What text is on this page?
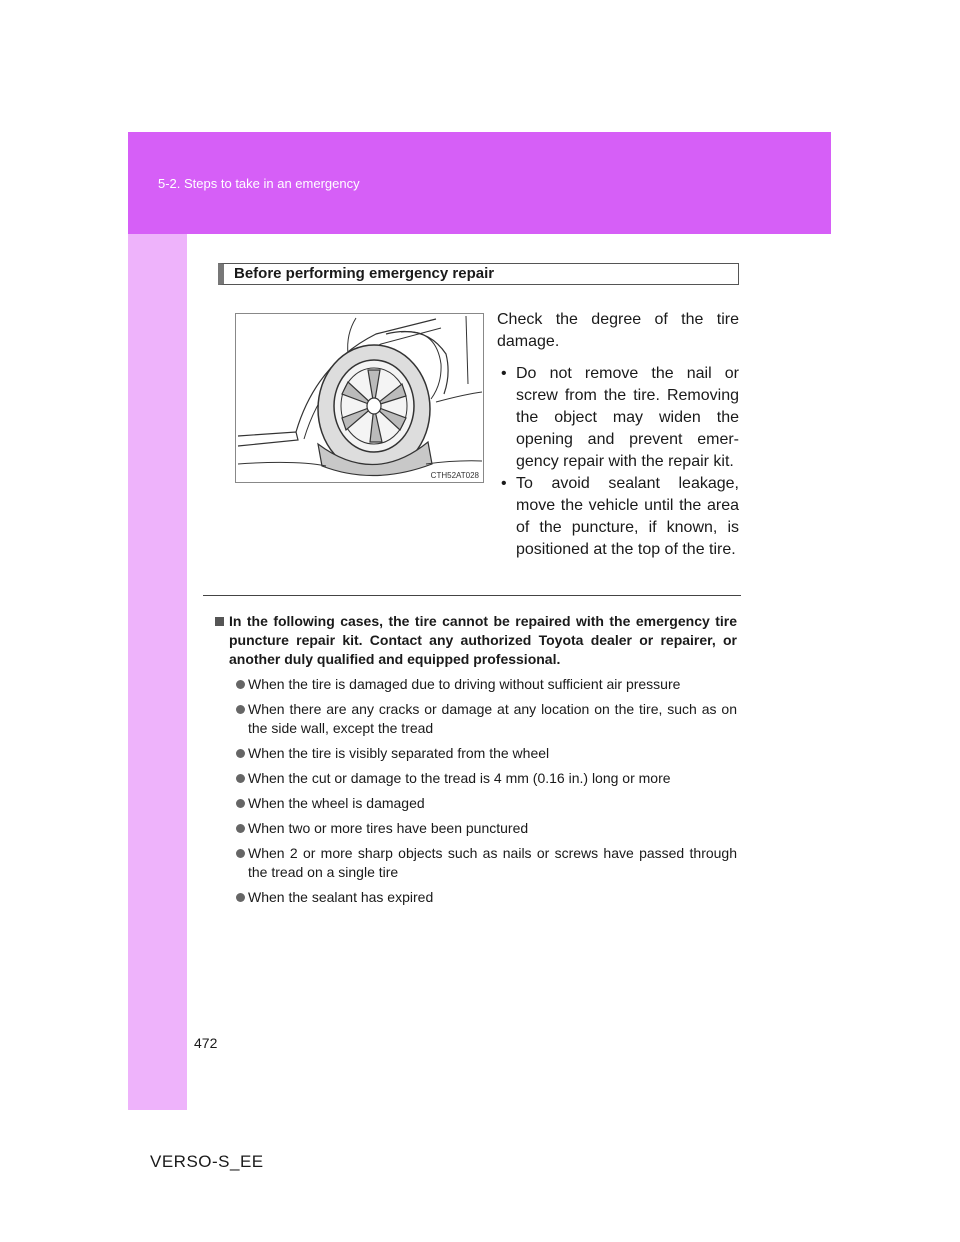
5-2. Steps to take in an emergency
Before performing emergency repair
CTH52AT028

Check the degree of the tire damage.

• Do not remove the nail or screw from the tire. Removing the object may widen the opening and prevent emer-gency repair with the repair kit.
• To avoid sealant leakage, move the vehicle until the area of the puncture, if known, is positioned at the top of the tire.
In the following cases, the tire cannot be repaired with the emergency tire puncture repair kit. Contact any authorized Toyota dealer or repairer, or another duly qualified and equipped professional.
When the tire is damaged due to driving without sufficient air pressure
When there are any cracks or damage at any location on the tire, such as on the side wall, except the tread
When the tire is visibly separated from the wheel
When the cut or damage to the tread is 4 mm (0.16 in.) long or more
When the wheel is damaged
When two or more tires have been punctured
When 2 or more sharp objects such as nails or screws have passed through the tread on a single tire
When the sealant has expired
472
VERSO-S_EE
